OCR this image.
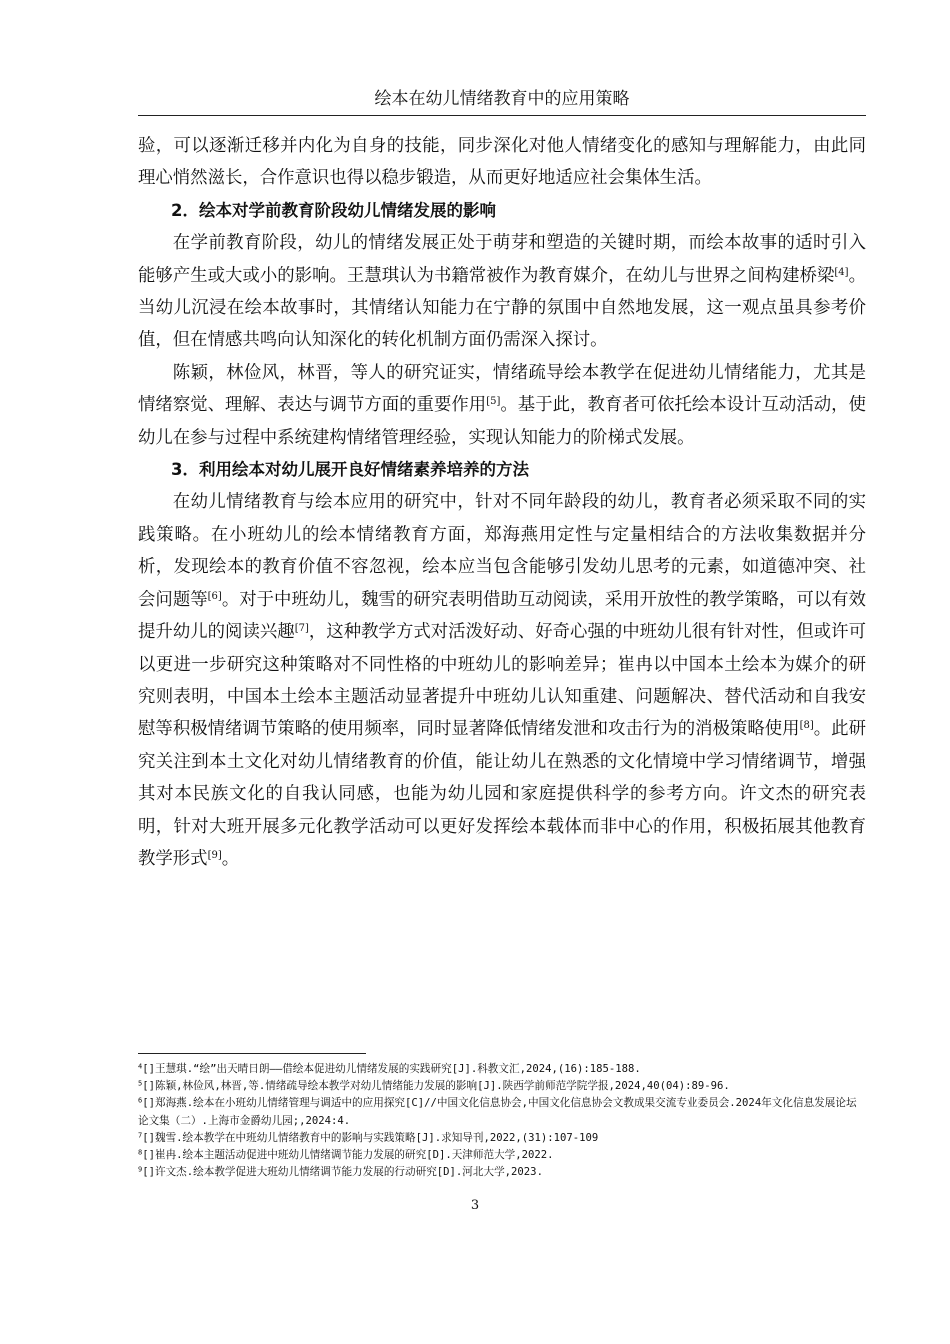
绘本在幼儿情绪教育中的应用策略

验，可以逐渐迁移并内化为自身的技能，同步深化对他人情绪变化的感知与理解能力，由此同理心悄然滋长，合作意识也得以稳步锻造，从而更好地适应社会集体生活。

2．绘本对学前教育阶段幼儿情绪发展的影响

在学前教育阶段，幼儿的情绪发展正处于萌芽和塑造的关键时期，而绘本故事的适时引入能够产生或大或小的影响。王慧琪认为书籍常被作为教育媒介，在幼儿与世界之间构建桥梁[4]。当幼儿沉浸在绘本故事时，其情绪认知能力在宁静的氛围中自然地发展，这一观点虽具参考价值，但在情感共鸣向认知深化的转化机制方面仍需深入探讨。

陈颖，林俭风，林晋，等人的研究证实，情绪疏导绘本教学在促进幼儿情绪能力，尤其是情绪察觉、理解、表达与调节方面的重要作用[5]。基于此，教育者可依托绘本设计互动活动，使幼儿在参与过程中系统建构情绪管理经验，实现认知能力的阶梯式发展。

3．利用绘本对幼儿展开良好情绪素养培养的方法

在幼儿情绪教育与绘本应用的研究中，针对不同年龄段的幼儿，教育者必须采取不同的实践策略。在小班幼儿的绘本情绪教育方面，郑海燕用定性与定量相结合的方法收集数据并分析，发现绘本的教育价值不容忽视，绘本应当包含能够引发幼儿思考的元素，如道德冲突、社会问题等[6]。对于中班幼儿，魏雪的研究表明借助互动阅读，采用开放性的教学策略，可以有效提升幼儿的阅读兴趣[7]，这种教学方式对活泼好动、好奇心强的中班幼儿很有针对性，但或许可以更进一步研究这种策略对不同性格的中班幼儿的影响差异；崔冉以中国本土绘本为媒介的研究则表明，中国本土绘本主题活动显著提升中班幼儿认知重建、问题解决、替代活动和自我安慰等积极情绪调节策略的使用频率，同时显著降低情绪发泄和攻击行为的消极策略使用[8]。此研究关注到本土文化对幼儿情绪教育的价值，能让幼儿在熟悉的文化情境中学习情绪调节，增强其对本民族文化的自我认同感，也能为幼儿园和家庭提供科学的参考方向。许文杰的研究表明，针对大班开展多元化教学活动可以更好发挥绘本载体而非中心的作用，积极拓展其他教育教学形式[9]。

$^4$[]王慧琪.“绘”出天晴日朗——借绘本促进幼儿情绪发展的实践研究[J].科教文汇,2024,(16):185-188.

$^5$[]陈颖,林俭风,林晋,等.情绪疏导绘本教学对幼儿情绪能力发展的影响[J].陕西学前师范学院学报,2024,40(04):89-96.

$^6$[]郑海燕.绘本在小班幼儿情绪管理与调适中的应用探究[C]//中国文化信息协会,中国文化信息协会文教成果交流专业委员会.2024年文化信息发展论坛论文集（二）.上海市金爵幼儿园;,2024:4.

$^7$[]魏雪.绘本教学在中班幼儿情绪教育中的影响与实践策略[J].求知导刊,2022,(31):107-109

$^8$[]崔冉.绘本主题活动促进中班幼儿情绪调节能力发展的研究[D].天津师范大学,2022.

$^9$[]许文杰.绘本教学促进大班幼儿情绪调节能力发展的行动研究[D].河北大学,2023.

3
